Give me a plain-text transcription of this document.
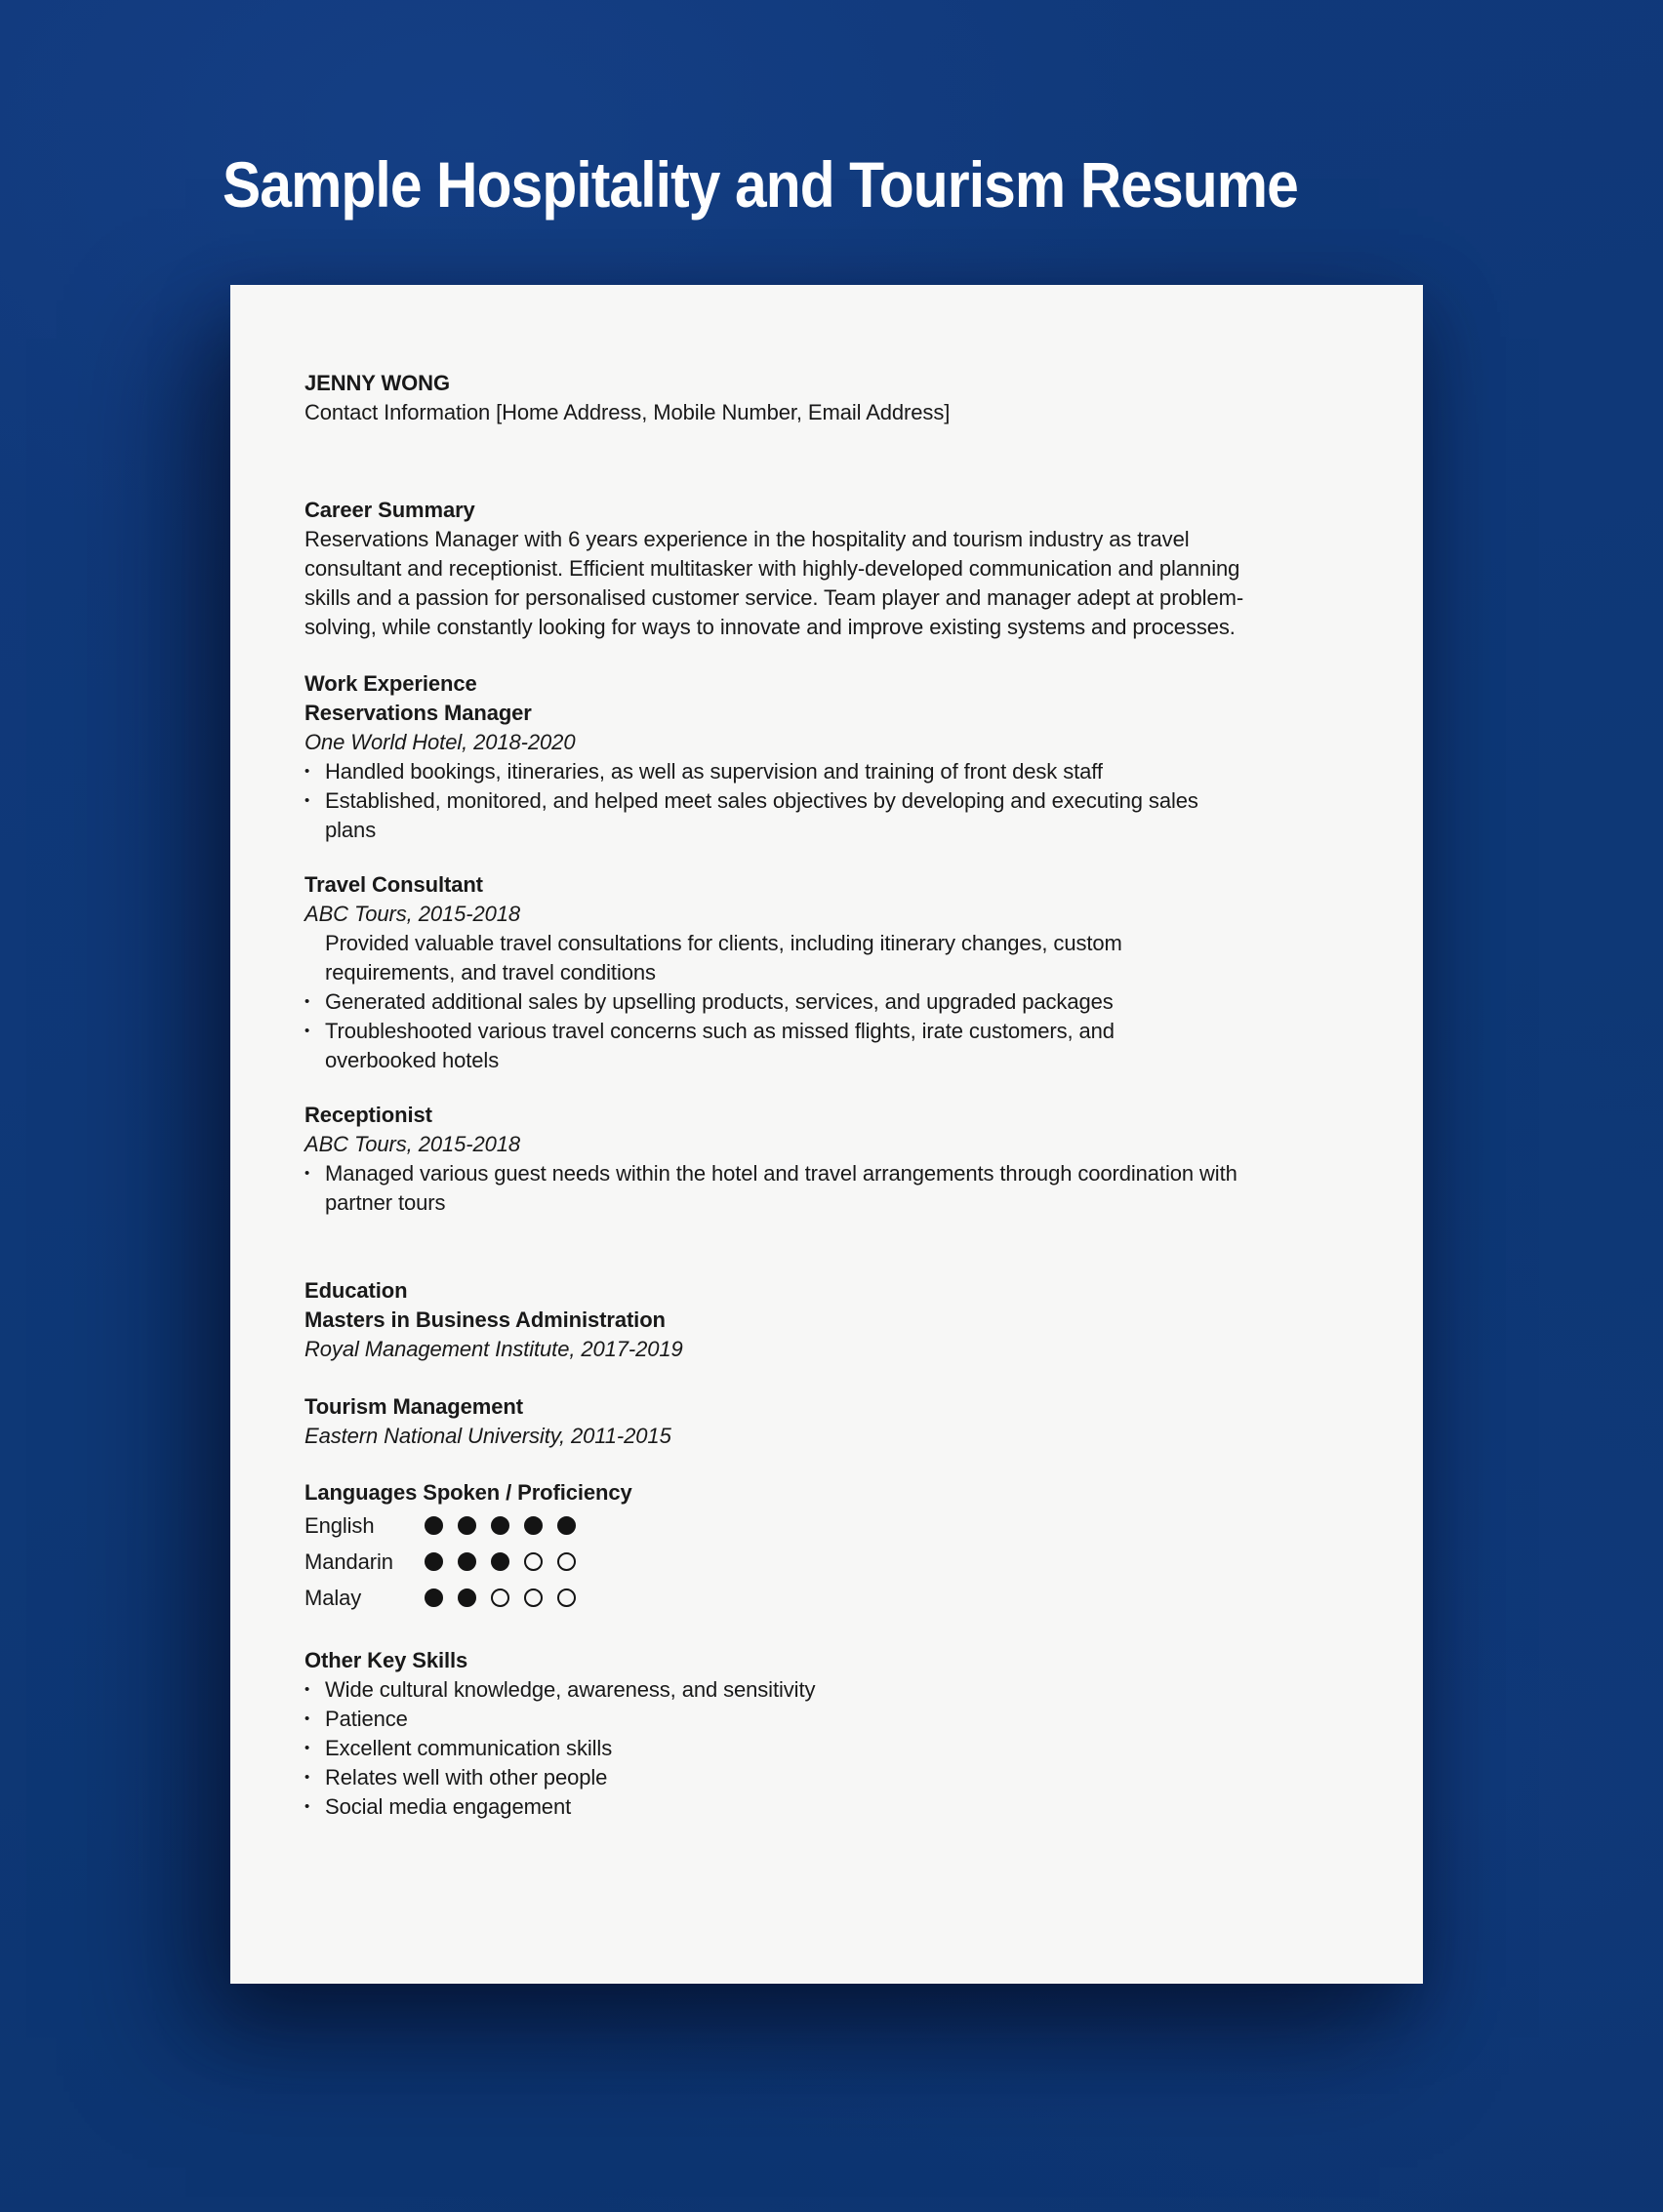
Sample Hospitality and Tourism Resume
JENNY WONG
Contact Information [Home Address, Mobile Number, Email Address]
Career Summary

Reservations Manager with 6 years experience in the hospitality and tourism industry as travel consultant and receptionist. Efficient multitasker with highly-developed communication and planning skills and a passion for personalised customer service. Team player and manager adept at problem-solving, while constantly looking for ways to innovate and improve existing systems and processes.

Work Experience
Reservations Manager
One World Hotel, 2018-2020
• Handled bookings, itineraries, as well as supervision and training of front desk staff
• Established, monitored, and helped meet sales objectives by developing and executing sales plans
Travel Consultant
ABC Tours, 2015-2018
Provided valuable travel consultations for clients, including itinerary changes, custom requirements, and travel conditions
• Generated additional sales by upselling products, services, and upgraded packages
• Troubleshooted various travel concerns such as missed flights, irate customers, and overbooked hotels
Receptionist
ABC Tours, 2015-2018
• Managed various guest needs within the hotel and travel arrangements through coordination with partner tours
Education
Masters in Business Administration
Royal Management Institute, 2017-2019
Tourism Management
Eastern National University, 2011-2015
Languages Spoken / Proficiency
English
Mandarin
Malay
Other Key Skills
• Wide cultural knowledge, awareness, and sensitivity
• Patience
• Excellent communication skills
• Relates well with other people
• Social media engagement
